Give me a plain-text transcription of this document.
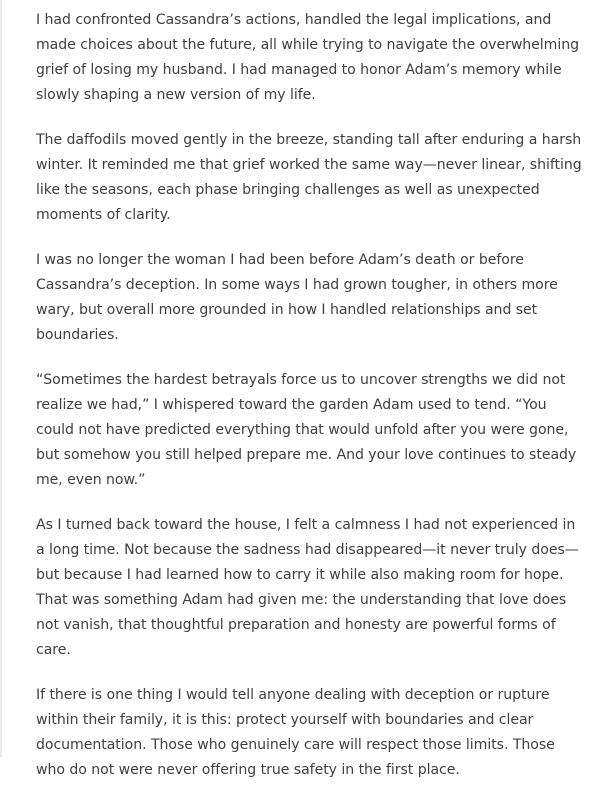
I had confronted Cassandra’s actions, handled the legal implications, and made choices about the future, all while trying to navigate the overwhelming grief of losing my husband. I had managed to honor Adam’s memory while slowly shaping a new version of my life.

The daffodils moved gently in the breeze, standing tall after enduring a harsh winter. It reminded me that grief worked the same way—never linear, shifting like the seasons, each phase bringing challenges as well as unexpected moments of clarity.

I was no longer the woman I had been before Adam’s death or before Cassandra’s deception. In some ways I had grown tougher, in others more wary, but overall more grounded in how I handled relationships and set boundaries.

“Sometimes the hardest betrayals force us to uncover strengths we did not realize we had,” I whispered toward the garden Adam used to tend. “You could not have predicted everything that would unfold after you were gone, but somehow you still helped prepare me. And your love continues to steady me, even now.”

As I turned back toward the house, I felt a calmness I had not experienced in a long time. Not because the sadness had disappeared—it never truly does—but because I had learned how to carry it while also making room for hope. That was something Adam had given me: the understanding that love does not vanish, that thoughtful preparation and honesty are powerful forms of care.

If there is one thing I would tell anyone dealing with deception or rupture within their family, it is this: protect yourself with boundaries and clear documentation. Those who genuinely care will respect those limits. Those who do not were never offering true safety in the first place.
